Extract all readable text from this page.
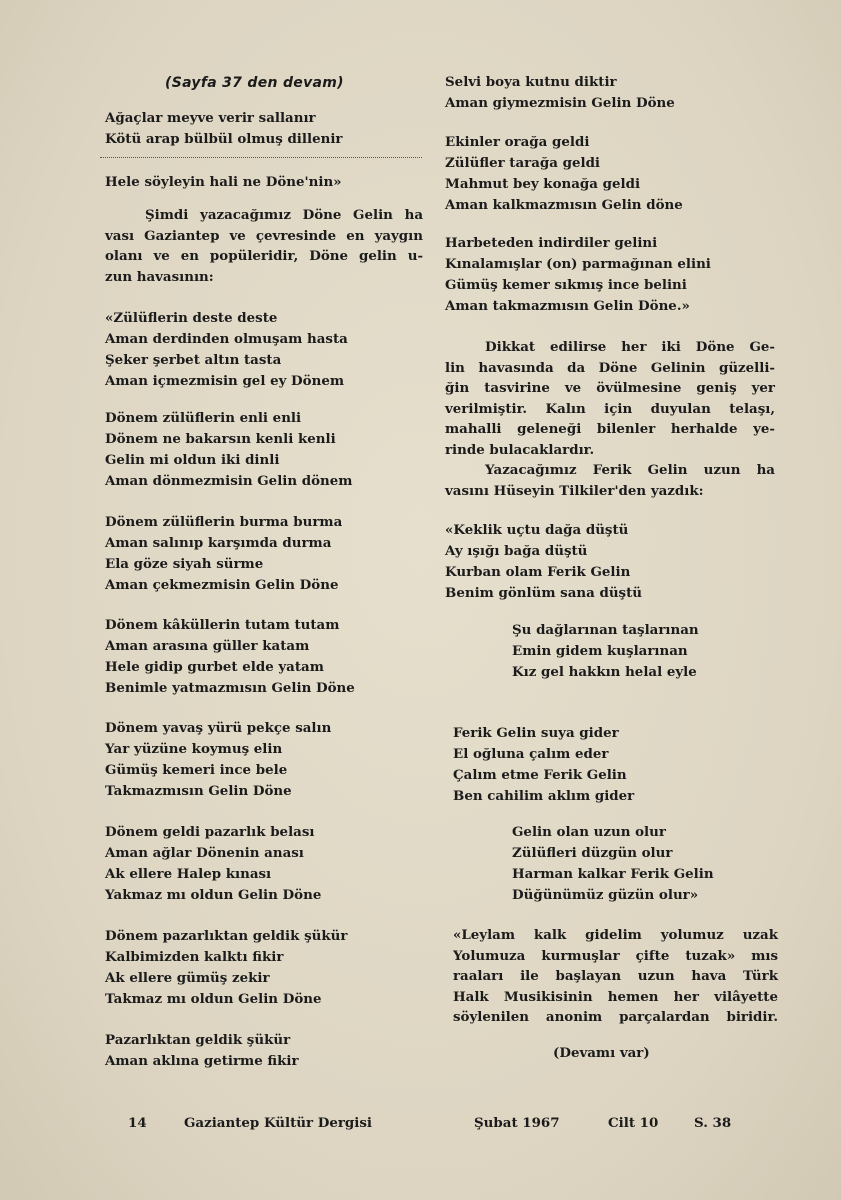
(Sayfa 37 den devam)
Ağaçlar meyve verir sallanır
Kötü arap bülbül olmuş dillenir
Hele söyleyin hali ne Döne'nin»
Şimdi yazacağımız Döne Gelin ha
vası Gaziantep ve çevresinde en yaygın
olanı ve en popüleridir, Döne gelin u-
zun havasının:
«Zülüflerin deste deste
Aman derdinden olmuşam hasta
Şeker şerbet altın tasta
Aman içmezmisin gel ey Dönem
Dönem zülüflerin enli enli
Dönem ne bakarsın kenli kenli
Gelin mi oldun iki dinli
Aman dönmezmisin Gelin dönem
Dönem zülüflerin burma burma
Aman salınıp karşımda durma
Ela göze siyah sürme
Aman çekmezmisin Gelin Döne
Dönem kâküllerin tutam tutam
Aman arasına güller katam
Hele gidip gurbet elde yatam
Benimle yatmazmısın Gelin Döne
Dönem yavaş yürü pekçe salın
Yar yüzüne koymuş elin
Gümüş kemeri ince bele
Takmazmısın Gelin Döne
Dönem geldi pazarlık belası
Aman ağlar Dönenin anası
Ak ellere Halep kınası
Yakmaz mı oldun Gelin Döne
Dönem pazarlıktan geldik şükür
Kalbimizden kalktı fikir
Ak ellere gümüş zekir
Takmaz mı oldun Gelin Döne
Pazarlıktan geldik şükür
Aman aklına getirme fikir
Selvi boya kutnu diktir
Aman giymezmisin Gelin Döne
Ekinler orağa geldi
Zülüfler tarağa geldi
Mahmut bey konağa geldi
Aman kalkmazmısın Gelin döne
Harbeteden indirdiler gelini
Kınalamışlar (on) parmağınan elini
Gümüş kemer sıkmış ince belini
Aman takmazmısın Gelin Döne.»
Dikkat edilirse her iki Döne Ge-
lin havasında da Döne Gelinin güzelli-
ğin tasvirine ve övülmesine geniş yer
verilmiştir. Kalın için duyulan telaşı,
mahalli geleneği bilenler herhalde ye-
rinde bulacaklardır.
Yazacağımız Ferik Gelin uzun ha
vasını Hüseyin Tilkiler'den yazdık:
«Keklik uçtu dağa düştü
Ay ışığı bağa düştü
Kurban olam Ferik Gelin
Benim gönlüm sana düştü
Şu dağlarınan taşlarınan
Emin gidem kuşlarınan
Kız gel hakkın helal eyle
Ferik Gelin suya gider
El oğluna çalım eder
Çalım etme Ferik Gelin
Ben cahilim aklım gider
Gelin olan uzun olur
Zülüfleri düzgün olur
Harman kalkar Ferik Gelin
Düğünümüz güzün olur»
«Leylam kalk gidelim yolumuz uzak
Yolumuza kurmuşlar çifte tuzak» mıs
raaları ile başlayan uzun hava Türk
Halk Musikisinin hemen her vilâyette
söylenilen anonim parçalardan biridir.
(Devamı var)
14	Gaziantep Kültür Dergisi	Şubat 1967	Cilt 10	S. 38
